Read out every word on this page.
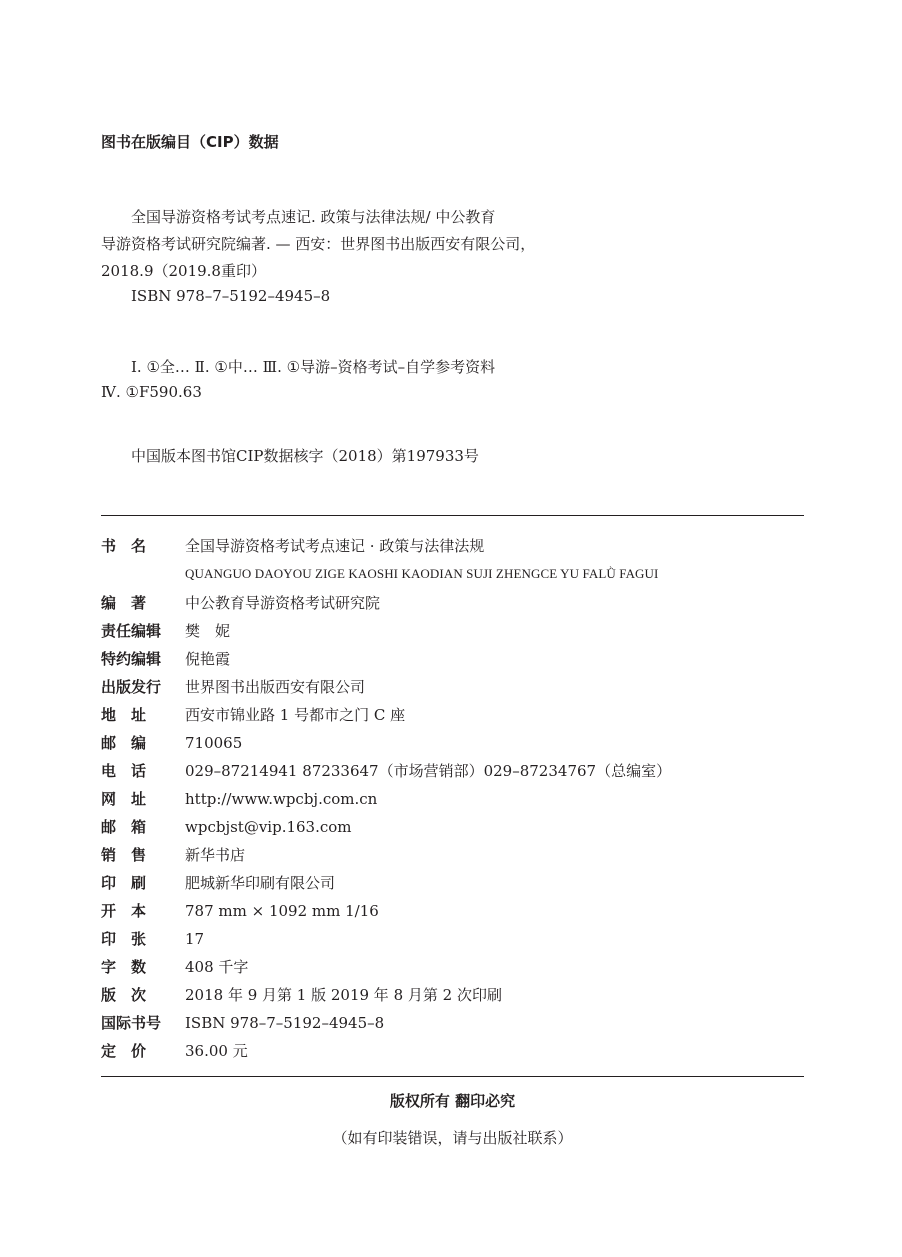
图书在版编目（CIP）数据
全国导游资格考试考点速记. 政策与法律法规/ 中公教育
导游资格考试研究院编著. — 西安：世界图书出版西安有限公司，
2018.9（2019.8重印）
ISBN 978–7–5192–4945–8
Ⅰ. ①全… Ⅱ. ①中… Ⅲ. ①导游–资格考试–自学参考资料
Ⅳ. ①F590.63
中国版本图书馆CIP数据核字（2018）第197933号
书　名	全国导游资格考试考点速记 · 政策与法律法规
QUANGUO DAOYOU ZIGE KAOSHI KAODIAN SUJI ZHENGCE YU FALǛ FAGUI
编　著	中公教育导游资格考试研究院
责任编辑	樊　妮
特约编辑	倪艳霞
出版发行	世界图书出版西安有限公司
地　址	西安市锦业路 1 号都市之门 C 座
邮　编	710065
电　话	029–87214941 87233647（市场营销部）029–87234767（总编室）
网　址	http://www.wpcbj.com.cn
邮　箱	wpcbjst@vip.163.com
销　售	新华书店
印　刷	肥城新华印刷有限公司
开　本	787 mm × 1092 mm 1/16
印　张	17
字　数	408 千字
版　次	2018 年 9 月第 1 版 2019 年 8 月第 2 次印刷
国际书号	ISBN 978–7–5192–4945–8
定　价	36.00 元
版权所有 翻印必究
（如有印装错误，请与出版社联系）
